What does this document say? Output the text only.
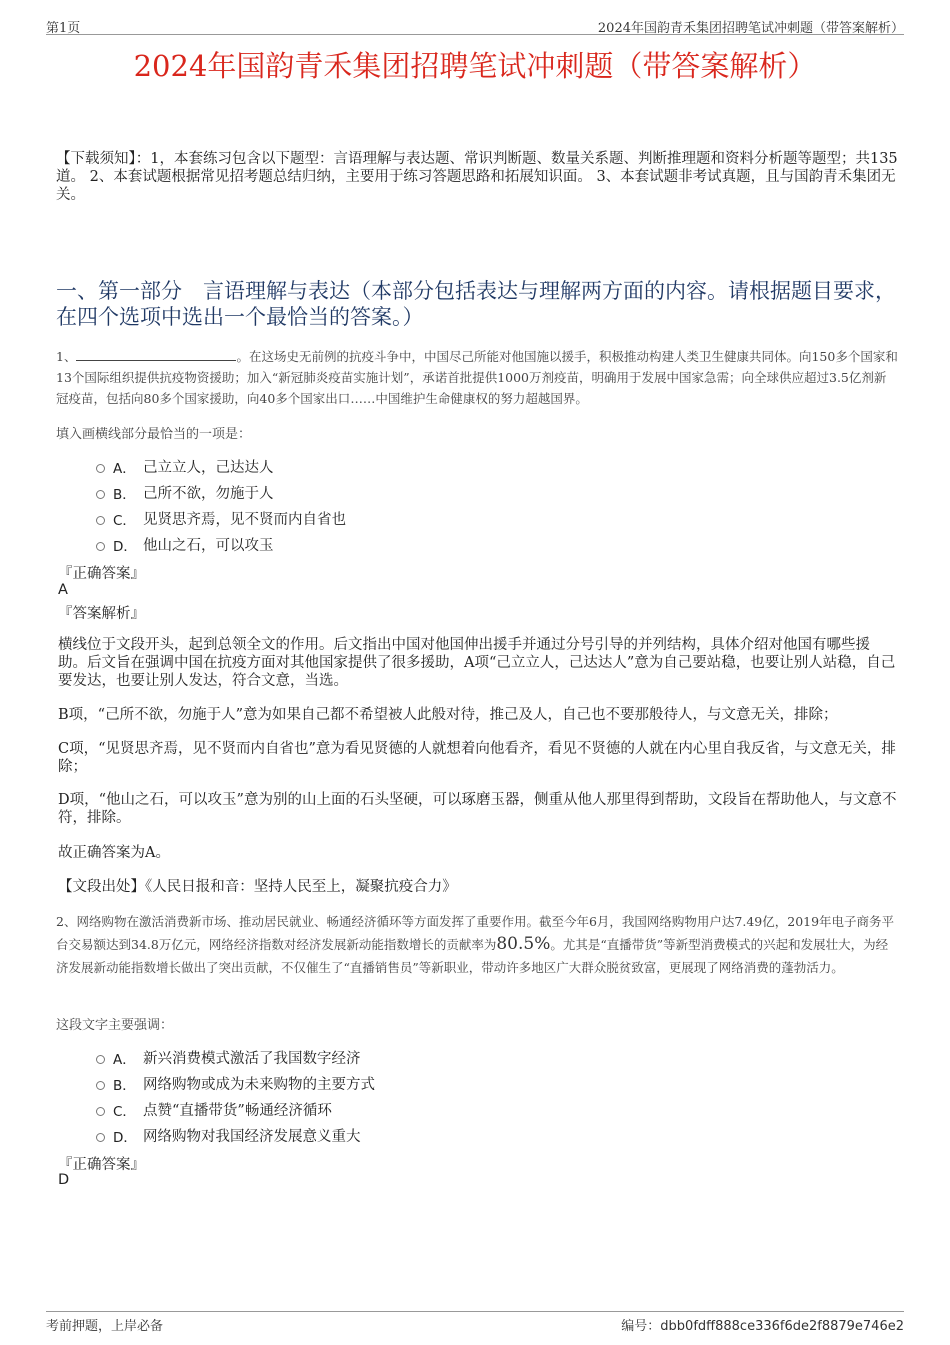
第1页	2024年国韵青禾集团招聘笔试冲刺题（带答案解析）
2024年国韵青禾集团招聘笔试冲刺题（带答案解析）
【下载须知】：1，本套练习包含以下题型：言语理解与表达题、常识判断题、数量关系题、判断推理题和资料分析题等题型；共135道。 2、本套试题根据常见招考题总结归纳，主要用于练习答题思路和拓展知识面。 3、本套试题非考试真题，且与国韵青禾集团无关。
一、第一部分　言语理解与表达（本部分包括表达与理解两方面的内容。请根据题目要求，在四个选项中选出一个最恰当的答案。）
1、	。在这场史无前例的抗疫斗争中，中国尽己所能对他国施以援手，积极推动构建人类卫生健康共同体。向150多个国家和13个国际组织提供抗疫物资援助；加入“新冠肺炎疫苗实施计划”，承诺首批提供1000万剂疫苗，明确用于发展中国家急需；向全球供应超过3.5亿剂新冠疫苗，包括向80多个国家援助，向40多个国家出口……中国维护生命健康权的努力超越国界。
填入画横线部分最恰当的一项是：
A． 己立立人，己达达人
B． 己所不欲，勿施于人
C． 见贤思齐焉，见不贤而内自省也
D． 他山之石，可以攻玉
『正确答案』
A
『答案解析』
横线位于文段开头，起到总领全文的作用。后文指出中国对他国伸出援手并通过分号引导的并列结构，具体介绍对他国有哪些援助。后文旨在强调中国在抗疫方面对其他国家提供了很多援助，A项“己立立人，己达达人”意为自己要站稳，也要让别人站稳，自己要发达，也要让别人发达，符合文意，当选。
B项，“己所不欲，勿施于人”意为如果自己都不希望被人此般对待，推己及人，自己也不要那般待人，与文意无关，排除；
C项，“见贤思齐焉，见不贤而内自省也”意为看见贤德的人就想着向他看齐，看见不贤德的人就在内心里自我反省，与文意无关，排除；
D项，“他山之石，可以攻玉”意为别的山上面的石头坚硬，可以琢磨玉器，侧重从他人那里得到帮助，文段旨在帮助他人，与文意不符，排除。
故正确答案为A。
【文段出处】《人民日报和音：坚持人民至上，凝聚抗疫合力》
2、网络购物在激活消费新市场、推动居民就业、畅通经济循环等方面发挥了重要作用。截至今年6月，我国网络购物用户达7.49亿，2019年电子商务平台交易额达到34.8万亿元，网络经济指数对经济发展新动能指数增长的贡献率为80.5%。尤其是“直播带货”等新型消费模式的兴起和发展壮大，为经济发展新动能指数增长做出了突出贡献，不仅催生了“直播销售员”等新职业，带动许多地区广大群众脱贫致富，更展现了网络消费的蓬勃活力。
这段文字主要强调：
A． 新兴消费模式激活了我国数字经济
B． 网络购物或成为未来购物的主要方式
C． 点赞“直播带货”畅通经济循环
D． 网络购物对我国经济发展意义重大
『正确答案』
D
考前押题，上岸必备	编号：dbb0fdff888ce336f6de2f8879e746e2
